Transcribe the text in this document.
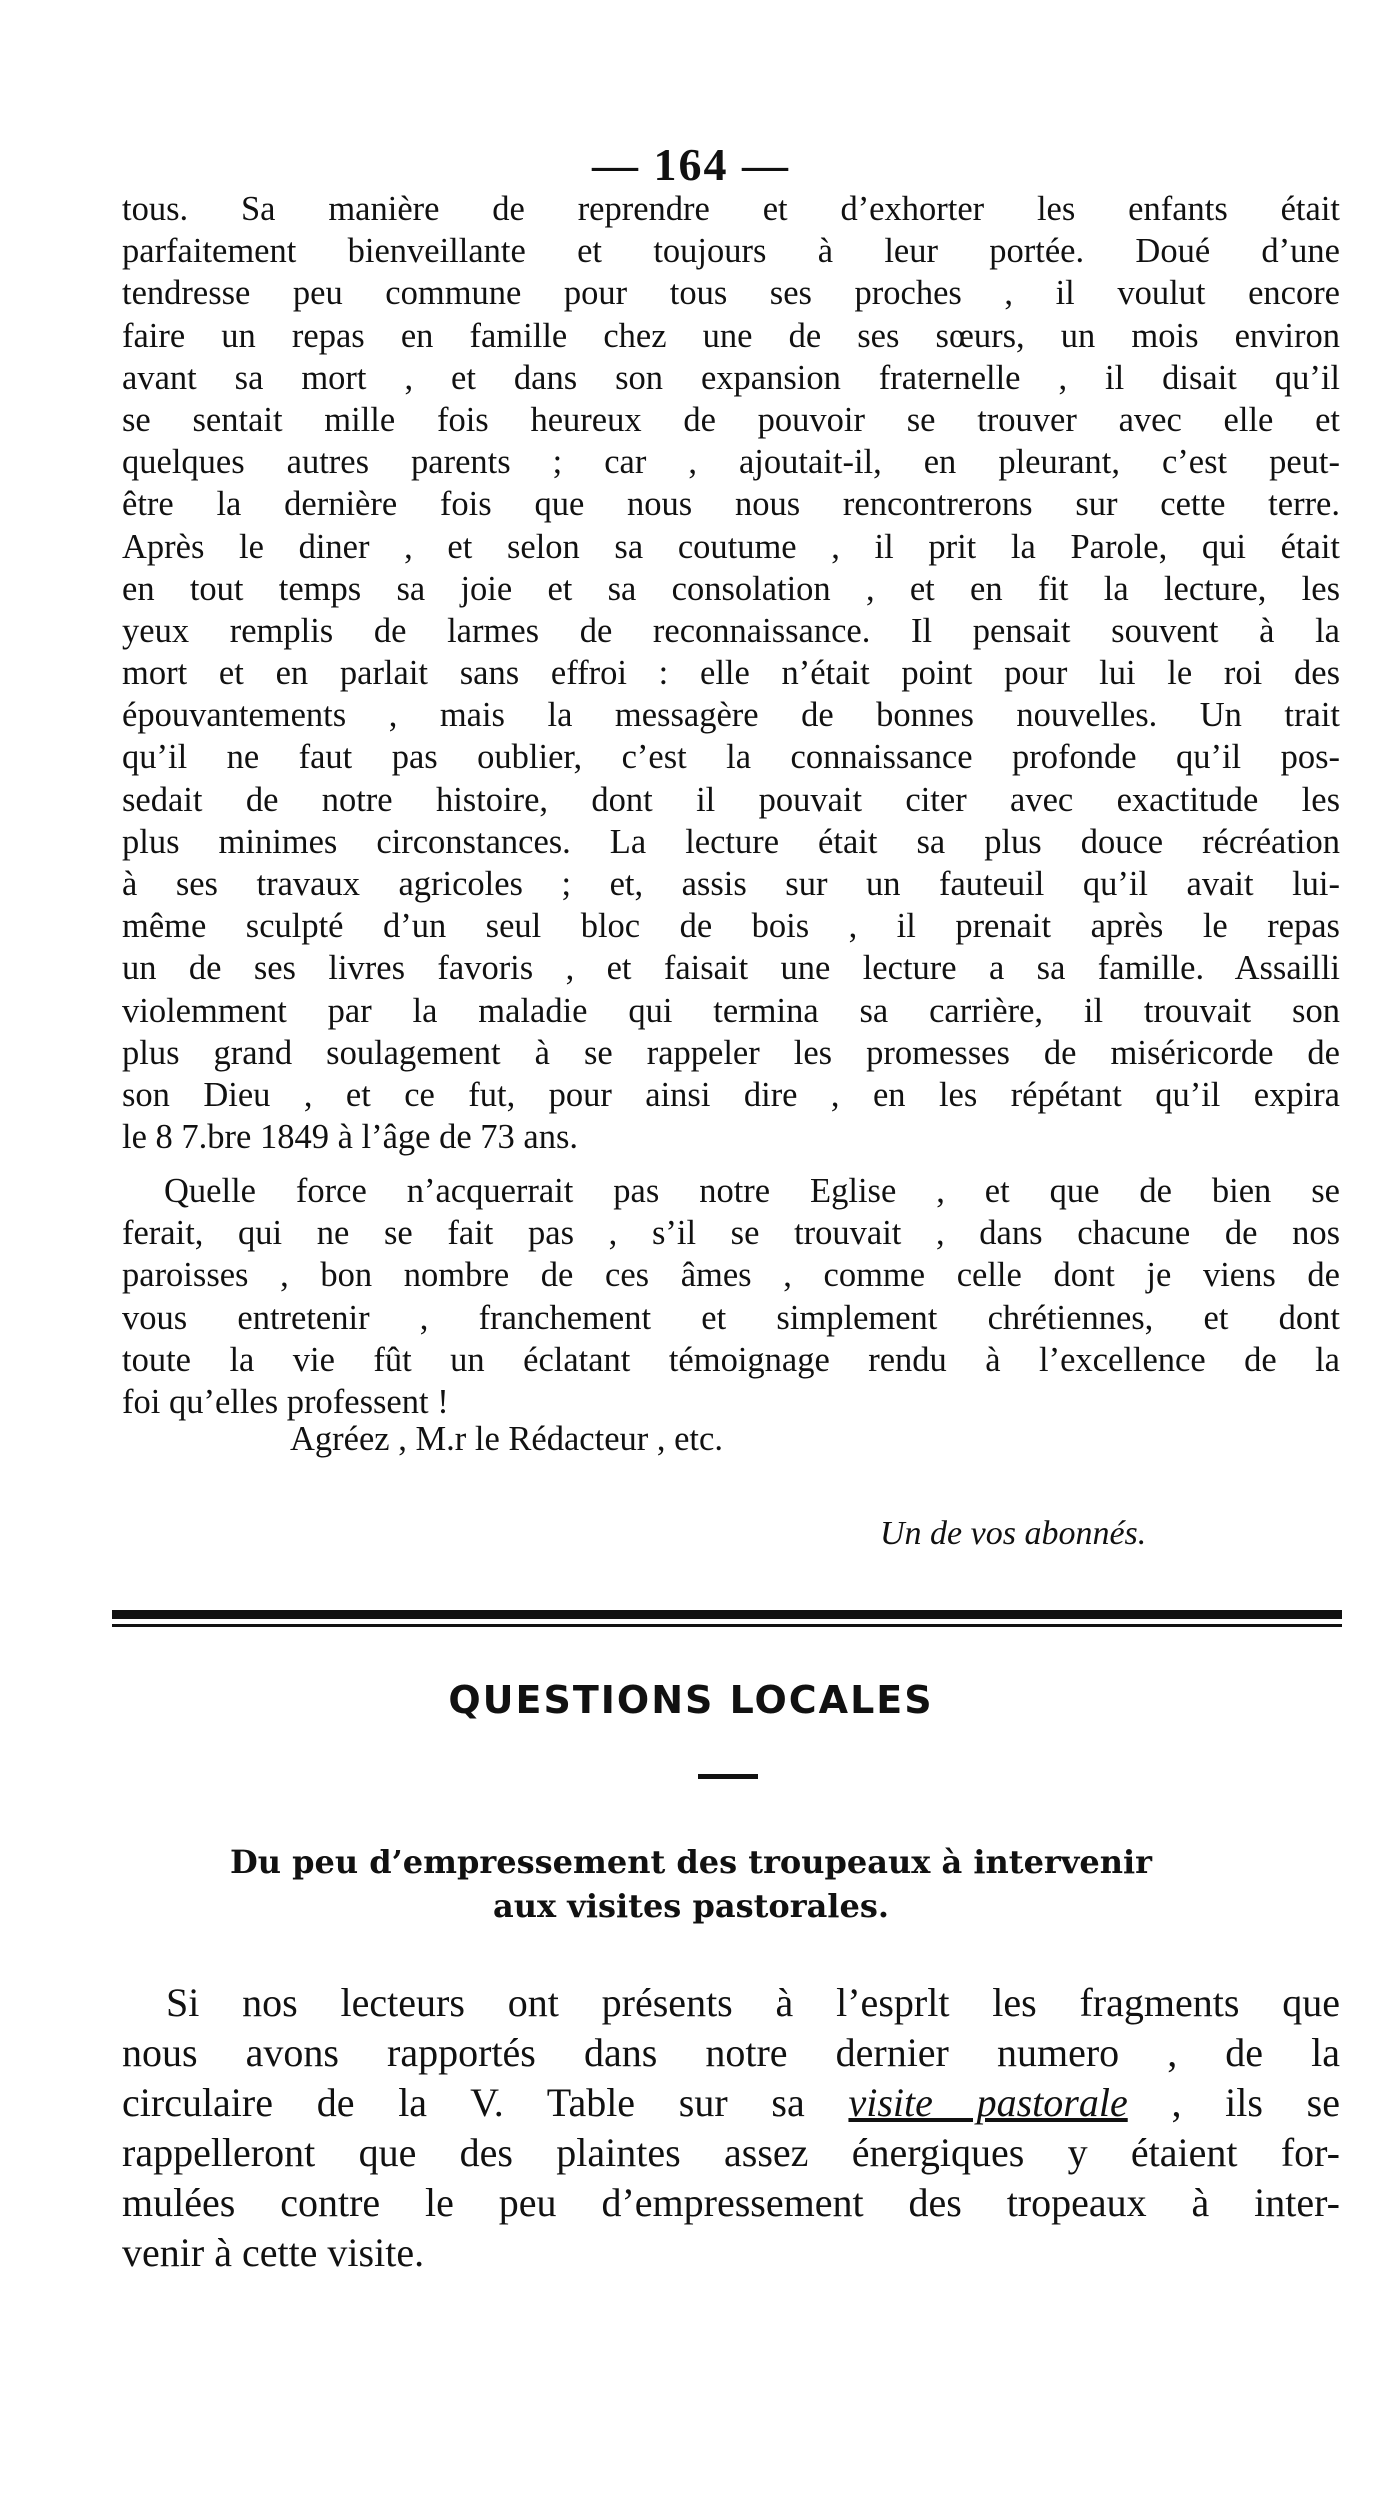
— 164 —
tous. Sa manière de reprendre et d’exhorter les enfants était
parfaitement bienveillante et toujours à leur portée. Doué d’une
tendresse peu commune pour tous ses proches , il voulut encore
faire un repas en famille chez une de ses sœurs, un mois environ
avant sa mort , et dans son expansion fraternelle , il disait qu’il
se sentait mille fois heureux de pouvoir se trouver avec elle et
quelques autres parents ; car , ajoutait-il, en pleurant, c’est peut-
être la dernière fois que nous nous rencontrerons sur cette terre.
Après le diner , et selon sa coutume , il prit la Parole, qui était
en tout temps sa joie et sa consolation , et en fit la lecture, les
yeux remplis de larmes de reconnaissance. Il pensait souvent à la
mort et en parlait sans effroi : elle n’était point pour lui le roi des
épouvantements , mais la messagère de bonnes nouvelles. Un trait
qu’il ne faut pas oublier, c’est la connaissance profonde qu’il pos-
sedait de notre histoire, dont il pouvait citer avec exactitude les
plus minimes circonstances. La lecture était sa plus douce récréation
à ses travaux agricoles ; et, assis sur un fauteuil qu’il avait lui-
même sculpté d’un seul bloc de bois , il prenait après le repas
un de ses livres favoris , et faisait une lecture a sa famille. Assailli
violemment par la maladie qui termina sa carrière, il trouvait son
plus grand soulagement à se rappeler les promesses de miséricorde de
son Dieu , et ce fut, pour ainsi dire , en les répétant qu’il expira
le 8 7.bre 1849 à l’âge de 73 ans.
Quelle force n’acquerrait pas notre Eglise , et que de bien se
ferait, qui ne se fait pas , s’il se trouvait , dans chacune de nos
paroisses , bon nombre de ces âmes , comme celle dont je viens de
vous entretenir , franchement et simplement chrétiennes, et dont
toute la vie fût un éclatant témoignage rendu à l’excellence de la
foi qu’elles professent !
Agréez , M.r le Rédacteur , etc.
Un de vos abonnés.
QUESTIONS LOCALES
Du peu d’empressement des troupeaux à intervenir
aux visites pastorales.
Si nos lecteurs ont présents à l’esprlt les fragments que
nous avons rapportés dans notre dernier numero , de la
circulaire de la V. Table sur sa visite pastorale , ils se
rappelleront que des plaintes assez énergiques y étaient for-
mulées contre le peu d’empressement des tropeaux à inter-
venir à cette visite.
